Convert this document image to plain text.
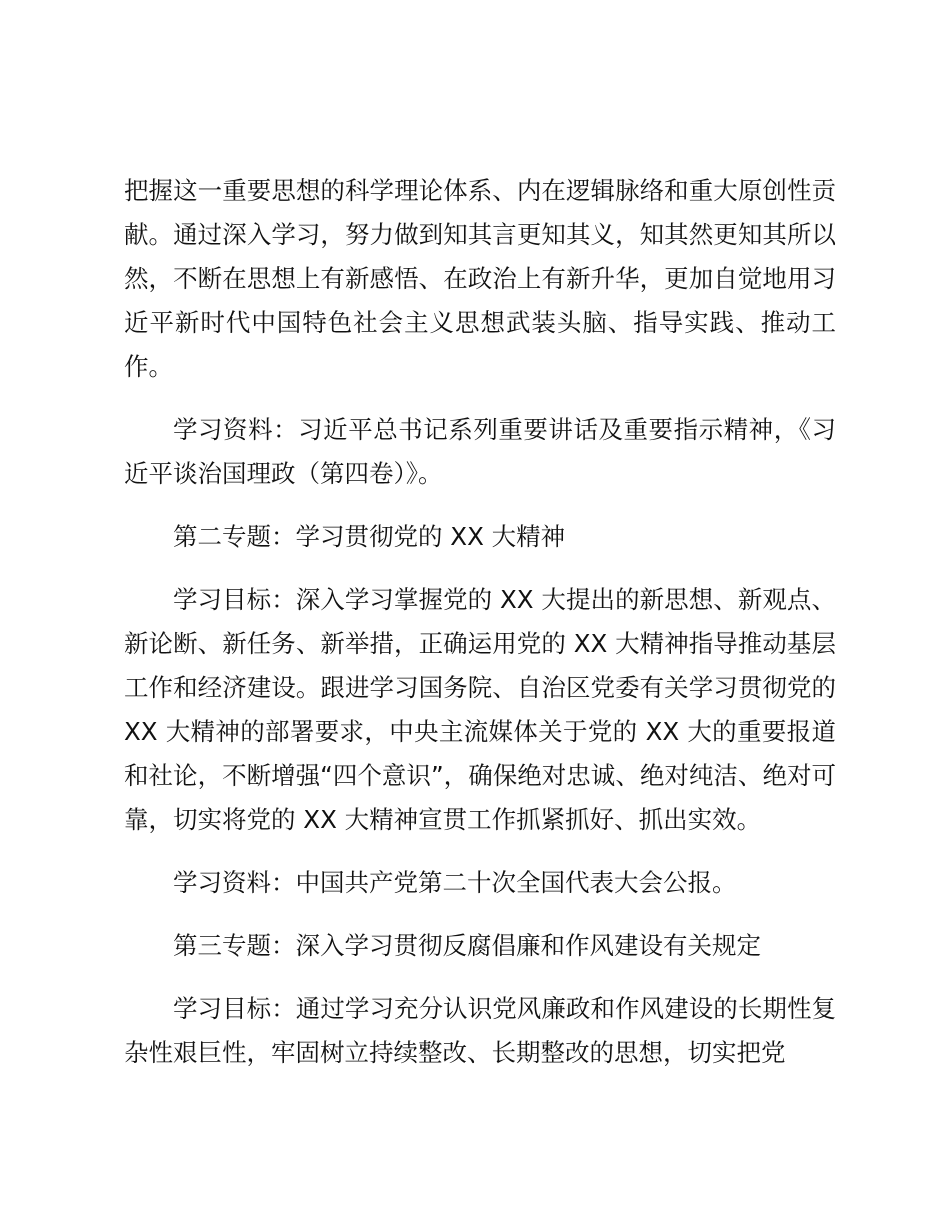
把握这一重要思想的科学理论体系、内在逻辑脉络和重大原创性贡献。通过深入学习，努力做到知其言更知其义，知其然更知其所以然，不断在思想上有新感悟、在政治上有新升华，更加自觉地用习近平新时代中国特色社会主义思想武装头脑、指导实践、推动工作。

学习资料：习近平总书记系列重要讲话及重要指示精神，《习近平谈治国理政（第四卷）》。

第二专题：学习贯彻党的 XX 大精神

学习目标：深入学习掌握党的 XX 大提出的新思想、新观点、新论断、新任务、新举措，正确运用党的 XX 大精神指导推动基层工作和经济建设。跟进学习国务院、自治区党委有关学习贯彻党的 XX 大精神的部署要求，中央主流媒体关于党的 XX 大的重要报道和社论，不断增强“四个意识”，确保绝对忠诚、绝对纯洁、绝对可靠，切实将党的 XX 大精神宣贯工作抓紧抓好、抓出实效。

学习资料：中国共产党第二十次全国代表大会公报。

第三专题：深入学习贯彻反腐倡廉和作风建设有关规定

学习目标：通过学习充分认识党风廉政和作风建设的长期性复杂性艰巨性，牢固树立持续整改、长期整改的思想，切实把党
